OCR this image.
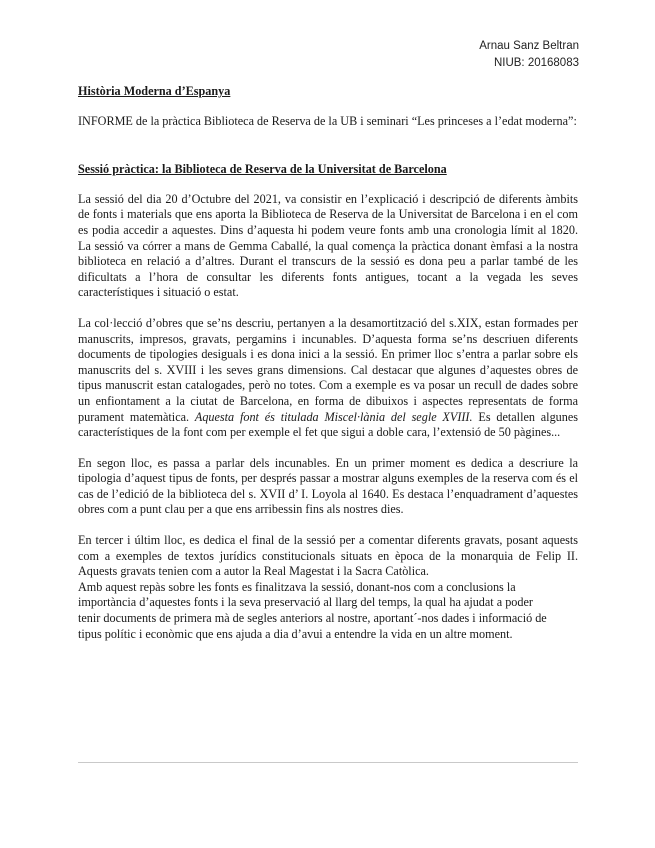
Arnau Sanz Beltran
NIUB: 20168083
Història Moderna d’Espanya
INFORME de la pràctica Biblioteca de Reserva de la UB i seminari “Les princeses a l’edat moderna”:
Sessió pràctica: la Biblioteca de Reserva de la Universitat de Barcelona

La sessió del dia 20 d’Octubre del 2021, va consistir en l’explicació i descripció de diferents àmbits de fonts i materials que ens aporta la Biblioteca de Reserva de la Universitat de Barcelona i en el com es podia accedir a aquestes. Dins d’aquesta hi podem veure fonts amb una cronologia límit al 1820. La sessió va córrer a mans de Gemma Caballé, la qual comença la pràctica donant èmfasi a la nostra biblioteca en relació a d’altres. Durant el transcurs de la sessió es dona peu a parlar també de les dificultats a l’hora de consultar les diferents fonts antigues, tocant a la vegada les seves característiques i situació o estat.

La col·lecció d’obres que se’ns descriu, pertanyen a la desamortització del s.XIX, estan formades per manuscrits, impresos, gravats, pergamins i incunables. D’aquesta forma se’ns descriuen diferents documents de tipologies desiguals i es dona inici a la sessió. En primer lloc s’entra a parlar sobre els manuscrits del s. XVIII i les seves grans dimensions. Cal destacar que algunes d’aquestes obres de tipus manuscrit estan catalogades, però no totes. Com a exemple es va posar un recull de dades sobre un enfiontament a la ciutat de Barcelona, en forma de dibuixos i aspectes representats de forma purament matemàtica. Aquesta font és titulada Miscel·lània del segle XVIII. Es detallen algunes característiques de la font com per exemple el fet que sigui a doble cara, l’extensió de 50 pàgines...

En segon lloc, es passa a parlar dels incunables. En un primer moment es dedica a descriure la tipologia d’aquest tipus de fonts, per després passar a mostrar alguns exemples de la reserva com és el cas de l’edició de la biblioteca del s. XVII d’ I. Loyola al 1640. Es destaca l’enquadrament d’aquestes obres com a punt clau per a que ens arribessin fins als nostres dies.

En tercer i últim lloc, es dedica el final de la sessió per a comentar diferents gravats, posant aquests com a exemples de textos jurídics constitucionals situats en època de la monarquia de Felip II. Aquests gravats tenien com a autor la Real Magestat i la Sacra Catòlica.

Amb aquest repàs sobre les fonts es finalitzava la sessió, donant-nos com a conclusions la
importància d’aquestes fonts i la seva preservació al llarg del temps, la qual ha ajudat a poder
tenir documents de primera mà de segles anteriors al nostre, aportant´-nos dades i informació de
tipus polític i econòmic que ens ajuda a dia d’avui a entendre la vida en un altre moment.
